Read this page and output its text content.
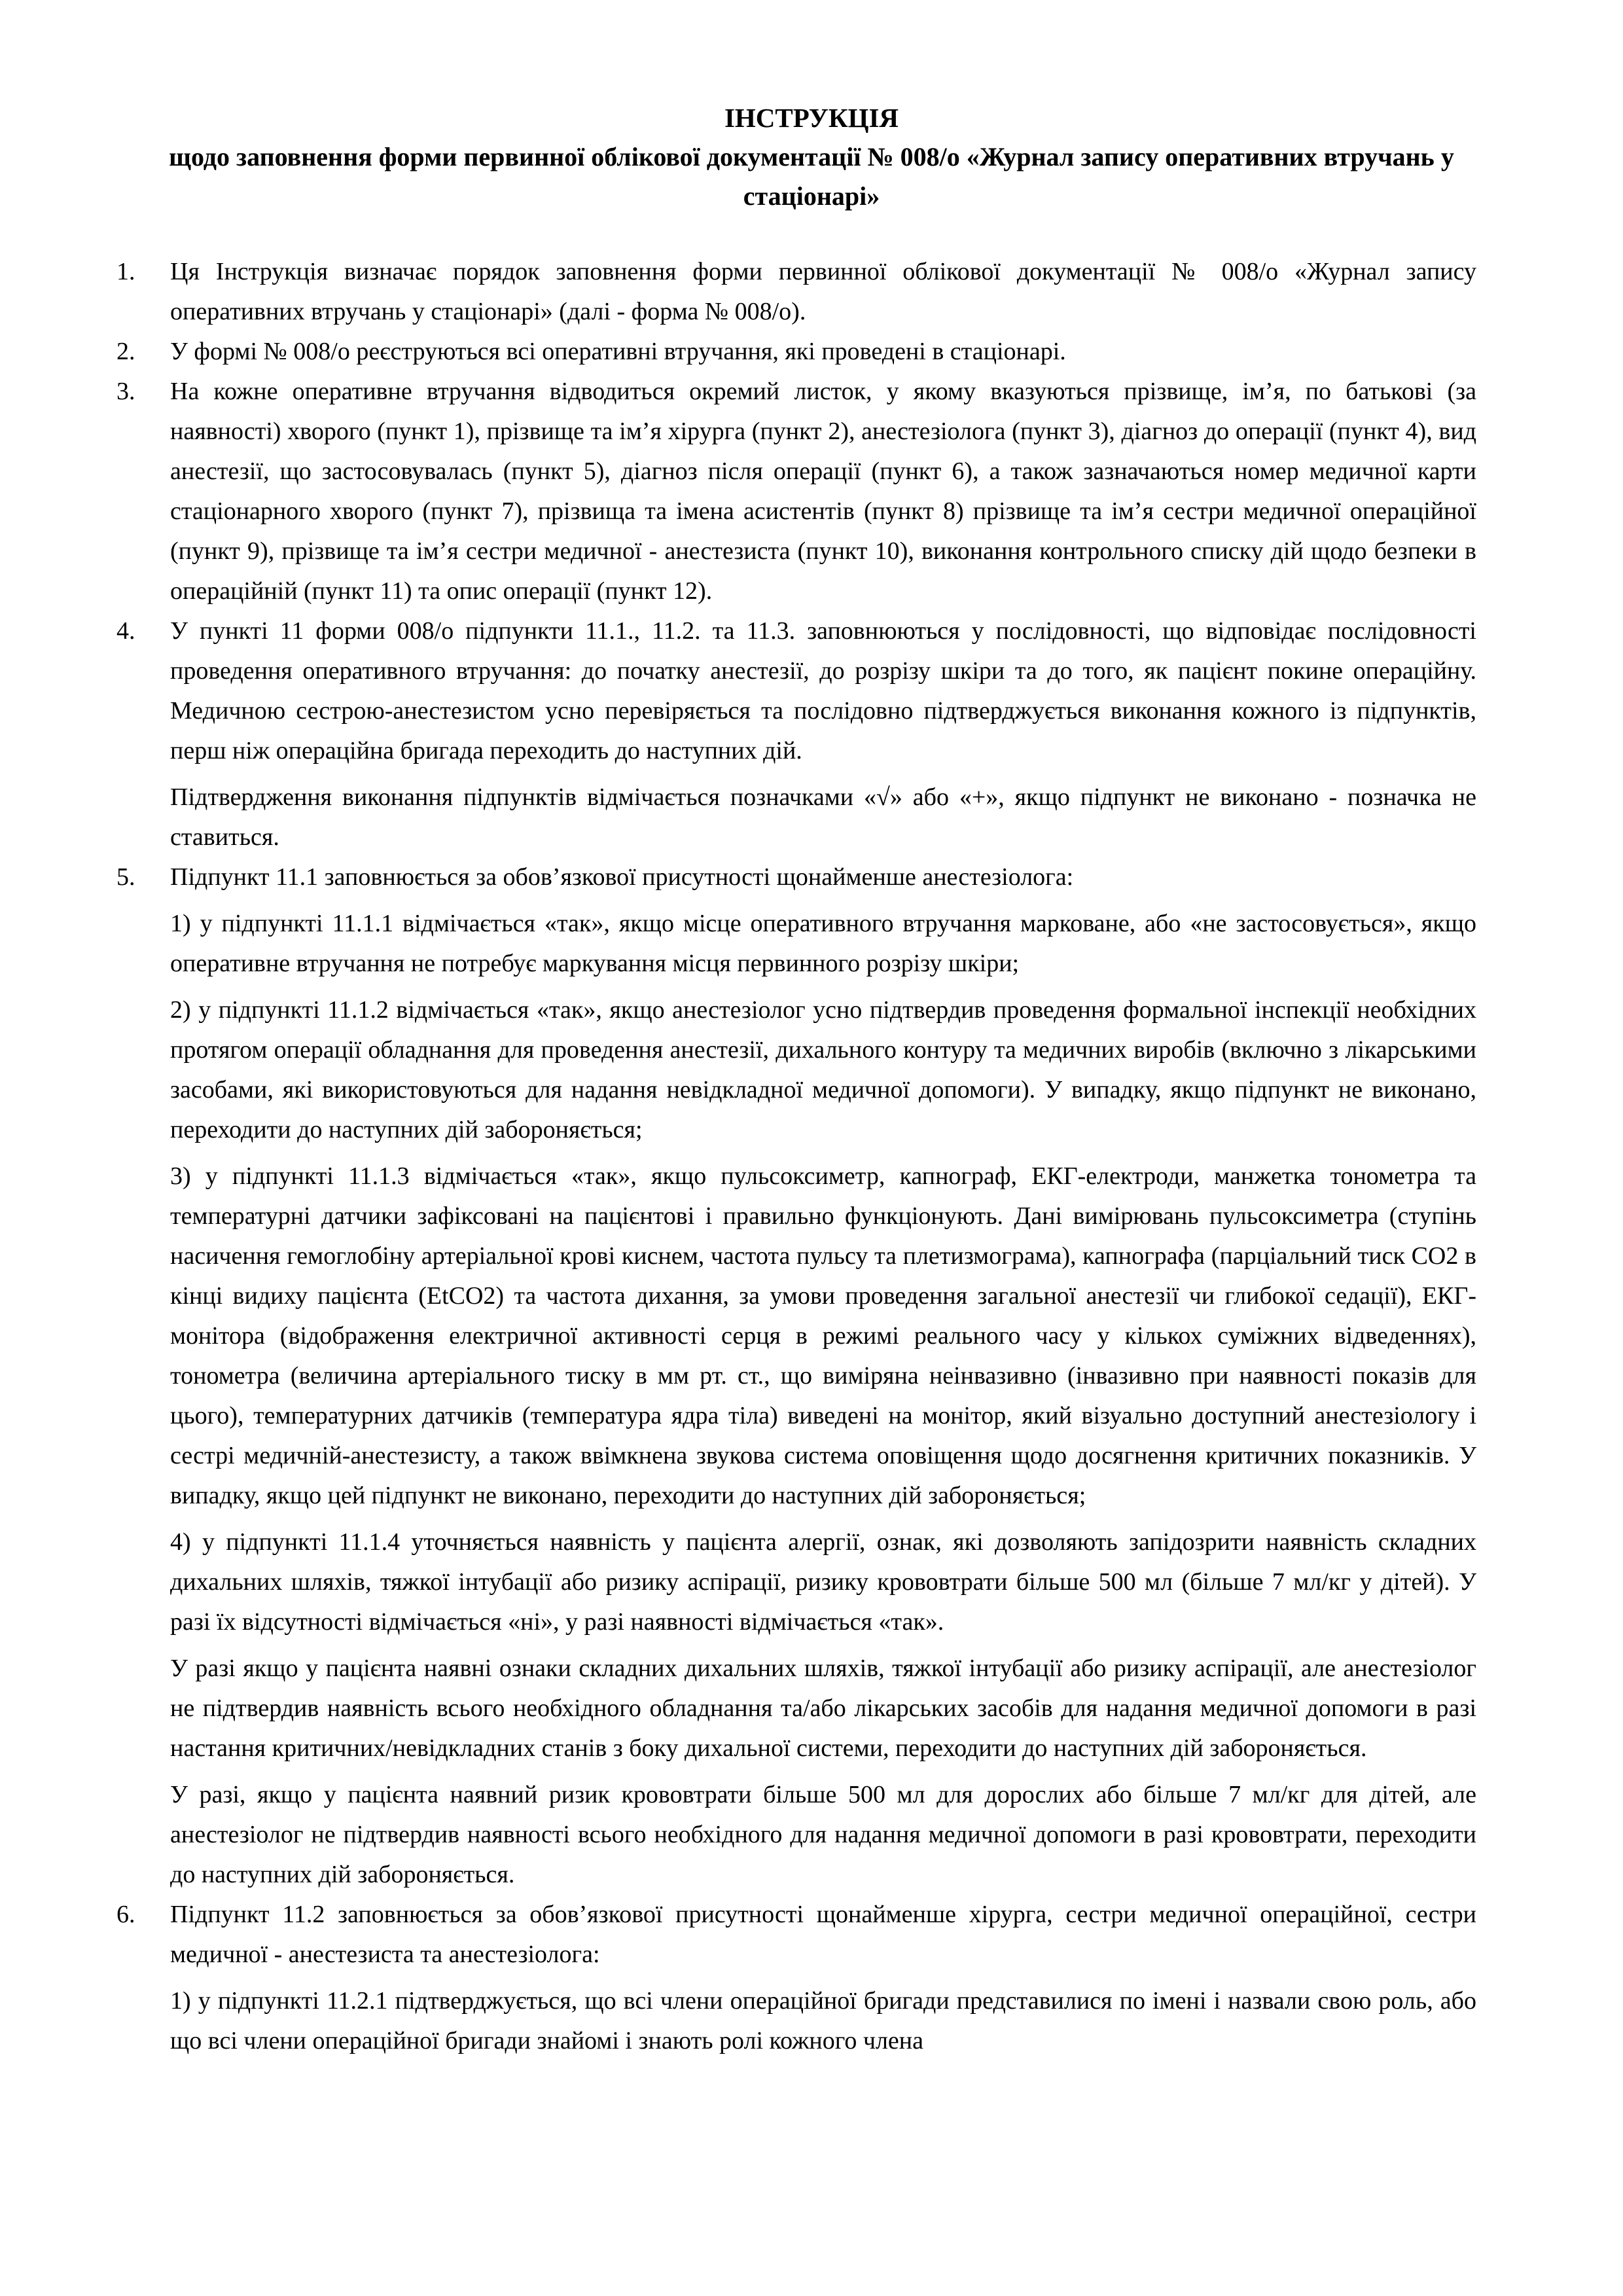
ІНСТРУКЦІЯ
щодо заповнення форми первинної облікової документації № 008/о «Журнал запису оперативних втручань у стаціонарі»
1.	Ця Інструкція визначає порядок заповнення форми первинної облікової документації № 008/о «Журнал запису оперативних втручань у стаціонарі» (далі - форма № 008/о).

2.	У формі № 008/о реєструються всі оперативні втручання, які проведені в стаціонарі.

3.	На кожне оперативне втручання відводиться окремий листок, у якому вказуються прізвище, ім’я, по батькові (за наявності) хворого (пункт 1), прізвище та ім’я хірурга (пункт 2), анестезіолога (пункт 3), діагноз до операції (пункт 4), вид анестезії, що застосовувалась (пункт 5), діагноз після операції (пункт 6), а також зазначаються номер медичної карти стаціонарного хворого (пункт 7), прізвища та імена асистентів (пункт 8) прізвище та ім’я сестри медичної операційної (пункт 9), прізвище та ім’я сестри медичної - анестезиста (пункт 10), виконання контрольного списку дій щодо безпеки в операційній (пункт 11) та опис операції (пункт 12).

4.	У пункті 11 форми 008/о підпункти 11.1., 11.2. та 11.3. заповнюються у послідовності, що відповідає послідовності проведення оперативного втручання: до початку анестезії, до розрізу шкіри та до того, як пацієнт покине операційну. Медичною сестрою-анестезистом усно перевіряється та послідовно підтверджується виконання кожного із підпунктів, перш ніж операційна бригада переходить до наступних дій.

Підтвердження виконання підпунктів відмічається позначками «√» або «+», якщо підпункт не виконано - позначка не ставиться.

5.	Підпункт 11.1 заповнюється за обов’язкової присутності щонайменше анестезіолога:

1) у підпункті 11.1.1 відмічається «так», якщо місце оперативного втручання марковане, або «не застосовується», якщо оперативне втручання не потребує маркування місця первинного розрізу шкіри;

2) у підпункті 11.1.2 відмічається «так», якщо анестезіолог усно підтвердив проведення формальної інспекції необхідних протягом операції обладнання для проведення анестезії, дихального контуру та медичних виробів (включно з лікарськими засобами, які використовуються для надання невідкладної медичної допомоги). У випадку, якщо підпункт не виконано, переходити до наступних дій забороняється;

3) у підпункті 11.1.3 відмічається «так», якщо пульсоксиметр, капнограф, ЕКГ-електроди, манжетка тонометра та температурні датчики зафіксовані на пацієнтові і правильно функціонують. Дані вимірювань пульсоксиметра (ступінь насичення гемоглобіну артеріальної крові киснем, частота пульсу та плетизмограма), капнографа (парціальний тиск CO2 в кінці видиху пацієнта (EtCO2) та частота дихання, за умови проведення загальної анестезії чи глибокої седації), ЕКГ-монітора (відображення електричної активності серця в режимі реального часу у кількох суміжних відведеннях), тонометра (величина артеріального тиску в мм рт. ст., що виміряна неінвазивно (інвазивно при наявності показів для цього), температурних датчиків (температура ядра тіла) виведені на монітор, який візуально доступний анестезіологу і сестрі медичній-анестезисту, а також ввімкнена звукова система оповіщення щодо досягнення критичних показників. У випадку, якщо цей підпункт не виконано, переходити до наступних дій забороняється;

4) у підпункті 11.1.4 уточняється наявність у пацієнта алергії, ознак, які дозволяють запідозрити наявність складних дихальних шляхів, тяжкої інтубації або ризику аспірації, ризику крововтрати більше 500 мл (більше 7 мл/кг у дітей). У разі їх відсутності відмічається «ні», у разі наявності відмічається «так».

У разі якщо у пацієнта наявні ознаки складних дихальних шляхів, тяжкої інтубації або ризику аспірації, але анестезіолог не підтвердив наявність всього необхідного обладнання та/або лікарських засобів для надання медичної допомоги в разі настання критичних/невідкладних станів з боку дихальної системи, переходити до наступних дій забороняється.

У разі, якщо у пацієнта наявний ризик крововтрати більше 500 мл для дорослих або більше 7 мл/кг для дітей, але анестезіолог не підтвердив наявності всього необхідного для надання медичної допомоги в разі крововтрати, переходити до наступних дій забороняється.

6.	Підпункт 11.2 заповнюється за обов’язкової присутності щонайменше хірурга, сестри медичної операційної, сестри медичної - анестезиста та анестезіолога:

1) у підпункті 11.2.1 підтверджується, що всі члени операційної бригади представилися по імені і назвали свою роль, або що всі члени операційної бригади знайомі і знають ролі кожного члена
